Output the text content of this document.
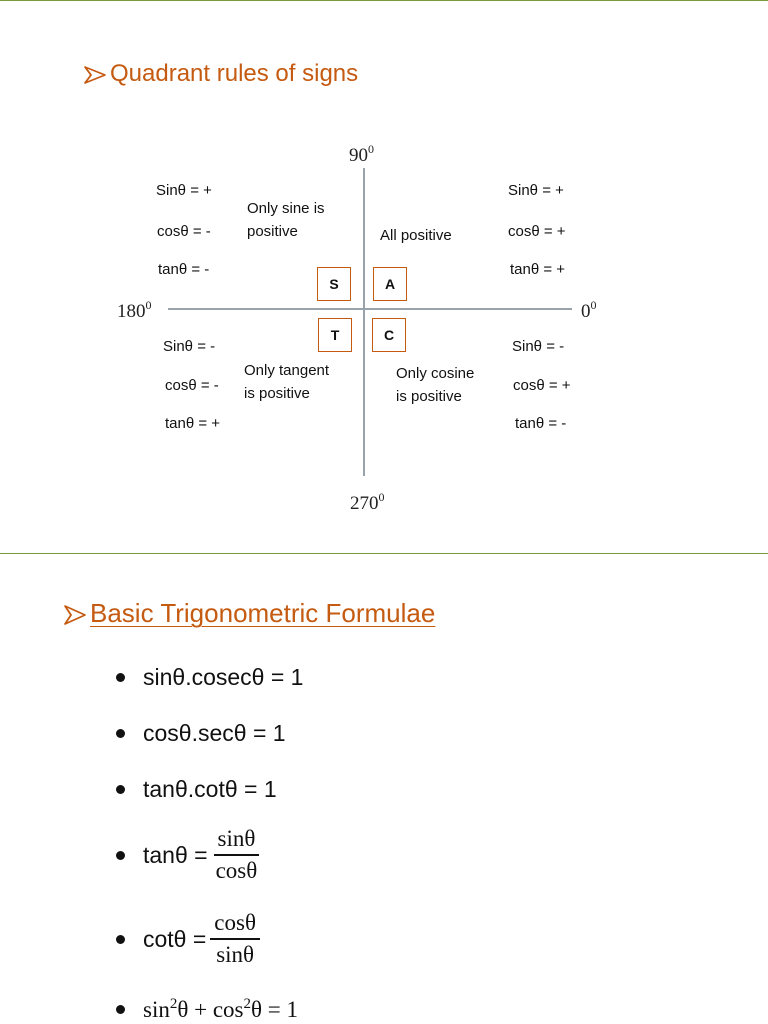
Quadrant rules of signs
$90^0$
$180^0$	$0^0$
$270^0$
Sinθ = +
cosθ = -
tanθ = -
Only sine is
positive
S
Sinθ = +
cosθ = +
tanθ = +
All positive
A
Sinθ = -
cosθ = -
tanθ = +
Only tangent
is positive
T
Sinθ = -
cosθ = +
tanθ = -
Only cosine
is positive
C
Basic Trigonometric Formulae
sinθ.cosecθ = 1
cosθ.secθ = 1
tanθ.cotθ = 1
$\tan\theta = \frac{\sin\theta}{\cos\theta}$
$\cot\theta = \frac{\cos\theta}{\sin\theta}$
$\sin^2\theta + \cos^2\theta = 1$
